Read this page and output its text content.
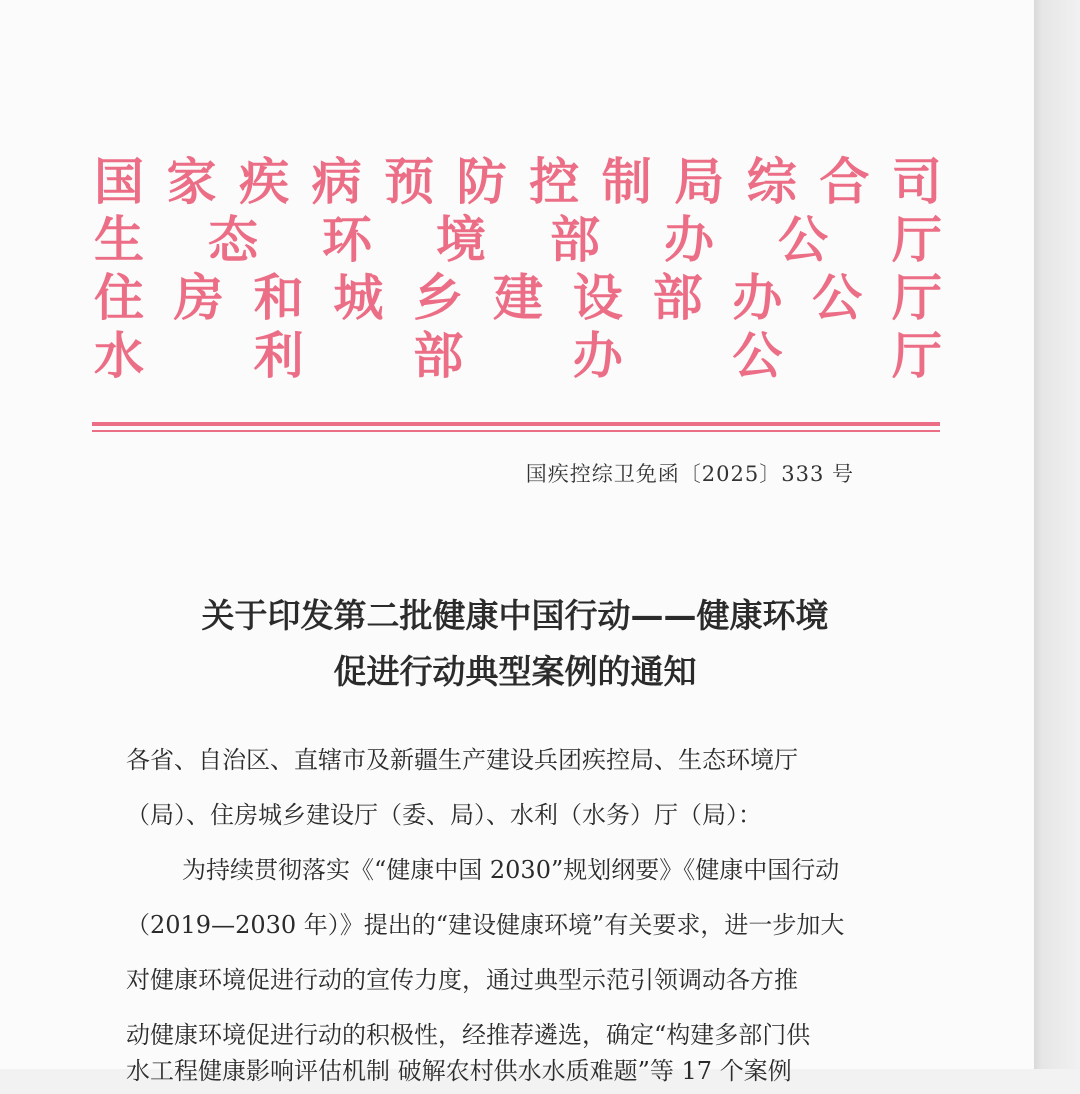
国 家 疾 病 预 防 控 制 局 综 合 司
生 态 环 境 部 办 公 厅
住 房 和 城 乡 建 设 部 办 公 厅
水 利 部 办 公 厅
国疾控综卫免函〔2025〕333 号
关于印发第二批健康中国行动——健康环境
促进行动典型案例的通知
各省、自治区、直辖市及新疆生产建设兵团疾控局、生态环境厅
（局）、住房城乡建设厅（委、局）、水利（水务）厅（局）：
为持续贯彻落实《“健康中国 2030”规划纲要》《健康中国行动
（2019—2030 年）》提出的“建设健康环境”有关要求，进一步加大
对健康环境促进行动的宣传力度，通过典型示范引领调动各方推
动健康环境促进行动的积极性，经推荐遴选，确定“构建多部门供
水工程健康影响评估机制 破解农村供水水质难题”等 17 个案例
